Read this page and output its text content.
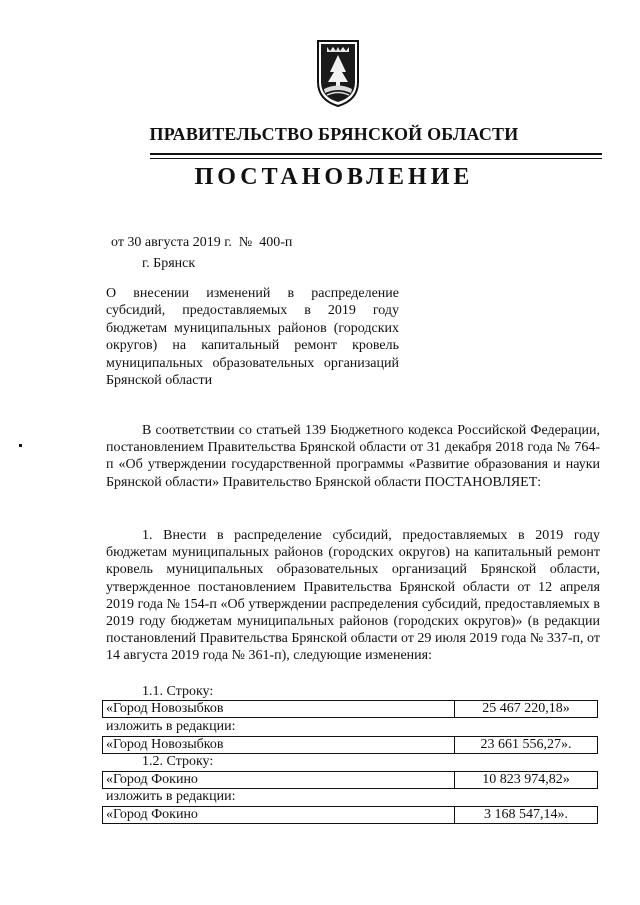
ПРАВИТЕЛЬСТВО БРЯНСКОЙ ОБЛАСТИ
ПОСТАНОВЛЕНИЕ
от 30 августа 2019 г.  №  400-п
г. Брянск
О внесении изменений в распределение субсидий, предоставляемых в 2019 году бюджетам муниципальных районов (городских округов) на капитальный ремонт кровель муниципальных образовательных организаций Брянской области
В соответствии со статьей 139 Бюджетного кодекса Российской Федерации, постановлением Правительства Брянской области от 31 декабря 2018 года № 764-п «Об утверждении государственной программы «Развитие образования и науки Брянской области» Правительство Брянской области ПОСТАНОВЛЯЕТ:
1. Внести в распределение субсидий, предоставляемых в 2019 году бюджетам муниципальных районов (городских округов) на капитальный ремонт кровель муниципальных образовательных организаций Брянской области, утвержденное постановлением Правительства Брянской области от 12 апреля 2019 года № 154-п «Об утверждении распределения субсидий, предоставляемых в 2019 году бюджетам муниципальных районов (городских округов)» (в редакции постановлений Правительства Брянской области от 29 июля 2019 года № 337-п, от 14 августа 2019 года № 361-п), следующие изменения:
1.1. Строку:
«Город Новозыбков	25 467 220,18»
изложить в редакции:
«Город Новозыбков	23 661 556,27».
1.2. Строку:
«Город Фокино	10 823 974,82»
изложить в редакции:
«Город Фокино	3 168 547,14».
